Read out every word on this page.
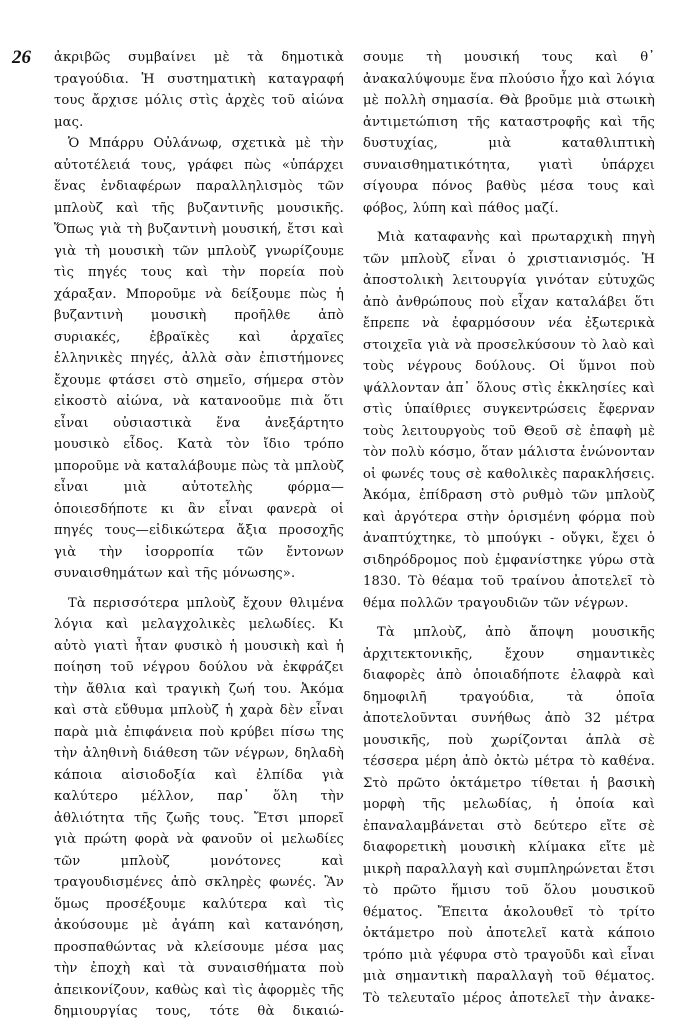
26 ἀκριβῶς συμβαίνει μὲ τὰ δημοτικὰ τραγούδια. Ἡ συστηματικὴ καταγραφή τους ἄρχισε μόλις στὶς ἀρχὲς τοῦ αἰώνα μας.

Ὁ Μπάρρυ Οὐλάνωφ, σχετικὰ μὲ τὴν αὐτοτέλειά τους, γράφει πὼς «ὑπάρχει ἕνας ἐνδιαφέρων παραλληλισμὸς τῶν μπλοὺζ καὶ τῆς βυζαντινῆς μουσικῆς. Ὅπως γιὰ τὴ βυζαντινὴ μουσική, ἔτσι καὶ γιὰ τὴ μουσικὴ τῶν μπλοὺζ γνωρίζουμε τὶς πηγές τους καὶ τὴν πορεία ποὺ χάραξαν. Μποροῦμε νὰ δείξουμε πὼς ἡ βυζαντινὴ μουσικὴ προῆλθε ἀπὸ συριακές, ἑβραϊκὲς καὶ ἀρχαῖες ἑλληνικὲς πηγές, ἀλλὰ σὰν ἐπιστήμονες ἔχουμε φτάσει στὸ σημεῖο, σήμερα στὸν εἰκοστὸ αἰώνα, νὰ κατανοοῦμε πιὰ ὅτι εἶναι οὐσιαστικὰ ἕνα ἀνεξάρτητο μουσικὸ εἶδος. Κατὰ τὸν ἴδιο τρόπο μποροῦμε νὰ καταλάβουμε πὼς τὰ μπλοὺζ εἶναι μιὰ αὐτοτελὴς φόρμα—ὁποιεσδήποτε κι ἂν εἶναι φανερὰ οἱ πηγές τους—εἰδικώτερα ἄξια προσοχῆς γιὰ τὴν ἰσορροπία τῶν ἔντονων συναισθημάτων καὶ τῆς μόνωσης».

Τὰ περισσότερα μπλοὺζ ἔχουν θλιμένα λόγια καὶ μελαγχολικὲς μελωδίες. Κι αὐτὸ γιατὶ ἦταν φυσικὸ ἡ μουσικὴ καὶ ἡ ποίηση τοῦ νέγρου δούλου νὰ ἐκφράζει τὴν ἄθλια καὶ τραγικὴ ζωή του. Ἀκόμα καὶ στὰ εὔθυμα μπλοὺζ ἡ χαρὰ δὲν εἶναι παρὰ μιὰ ἐπιφάνεια ποὺ κρύβει πίσω της τὴν ἀληθινὴ διάθεση τῶν νέγρων, δηλαδὴ κάποια αἰσιοδοξία καὶ ἐλπίδα γιὰ καλύτερο μέλλον, παρ᾿ ὅλη τὴν ἀθλιότητα τῆς ζωῆς τους. Ἔτσι μπορεῖ γιὰ πρώτη φορὰ νὰ φανοῦν οἱ μελωδίες τῶν μπλοὺζ μονότονες καὶ τραγουδισμένες ἀπὸ σκληρὲς φωνές. Ἂν ὅμως προσέξουμε καλύτερα καὶ τὶς ἀκούσουμε μὲ ἀγάπη καὶ κατανόηση, προσπαθώντας νὰ κλείσουμε μέσα μας τὴν ἐποχὴ καὶ τὰ συναισθήματα ποὺ ἀπεικονίζουν, καθὼς καὶ τὶς ἀφορμὲς τῆς δημιουργίας τους, τότε θὰ δικαιώ-

σουμε τὴ μουσική τους καὶ θ᾿ ἀνακαλύψουμε ἕνα πλούσιο ἦχο καὶ λόγια μὲ πολλὴ σημασία. Θὰ βροῦμε μιὰ στωικὴ ἀντιμετώπιση τῆς καταστροφῆς καὶ τῆς δυστυχίας, μιὰ καταθλιπτικὴ συναισθηματικότητα, γιατὶ ὑπάρχει σίγουρα πόνος βαθὺς μέσα τους καὶ φόβος, λύπη καὶ πάθος μαζί.

Μιὰ καταφανὴς καὶ πρωταρχικὴ πηγὴ τῶν μπλοὺζ εἶναι ὁ χριστιανισμός. Ἡ ἀποστολικὴ λειτουργία γινόταν εὐτυχῶς ἀπὸ ἀνθρώπους ποὺ εἶχαν καταλάβει ὅτι ἔπρεπε νὰ ἐφαρμόσουν νέα ἐξωτερικὰ στοιχεῖα γιὰ νὰ προσελκύσουν τὸ λαὸ καὶ τοὺς νέγρους δούλους. Οἱ ὕμνοι ποὺ ψάλλονταν ἀπ᾿ ὅλους στὶς ἐκκλησίες καὶ στὶς ὑπαίθριες συγκεντρώσεις ἔφερναν τοὺς λειτουργοὺς τοῦ Θεοῦ σὲ ἐπαφὴ μὲ τὸν πολὺ κόσμο, ὅταν μάλιστα ἑνώνονταν οἱ φωνές τους σὲ καθολικὲς παρακλήσεις. Ἀκόμα, ἐπίδραση στὸ ρυθμὸ τῶν μπλοὺζ καὶ ἀργότερα στὴν ὁρισμένη φόρμα ποὺ ἀναπτύχτηκε, τὸ μπούγκι - οὔγκι, ἔχει ὁ σιδηρόδρομος ποὺ ἐμφανίστηκε γύρω στὰ 1830. Τὸ θέαμα τοῦ τραίνου ἀποτελεῖ τὸ θέμα πολλῶν τραγουδιῶν τῶν νέγρων.

Τὰ μπλοὺζ, ἀπὸ ἄποψη μουσικῆς ἀρχιτεκτονικῆς, ἔχουν σημαντικὲς διαφορὲς ἀπὸ ὁποιαδήποτε ἐλαφρὰ καὶ δημοφιλῆ τραγούδια, τὰ ὁποῖα ἀποτελοῦνται συνήθως ἀπὸ 32 μέτρα μουσικῆς, ποὺ χωρίζονται ἁπλὰ σὲ τέσσερα μέρη ἀπὸ ὀκτὼ μέτρα τὸ καθένα. Στὸ πρῶτο ὀκτάμετρο τίθεται ἡ βασικὴ μορφὴ τῆς μελωδίας, ἡ ὁποία καὶ ἐπαναλαμβάνεται στὸ δεύτερο εἴτε σὲ διαφορετικὴ μουσικὴ κλίμακα εἴτε μὲ μικρὴ παραλλαγὴ καὶ συμπληρώνεται ἔτσι τὸ πρῶτο ἥμισυ τοῦ ὅλου μουσικοῦ θέματος. Ἔπειτα ἀκολουθεῖ τὸ τρίτο ὀκτάμετρο ποὺ ἀποτελεῖ κατὰ κάποιο τρόπο μιὰ γέφυρα στὸ τραγοῦδι καὶ εἶναι μιὰ σημαντικὴ παραλλαγὴ τοῦ θέματος. Τὸ τελευταῖο μέρος ἀποτελεῖ τὴν ἀνακε-
